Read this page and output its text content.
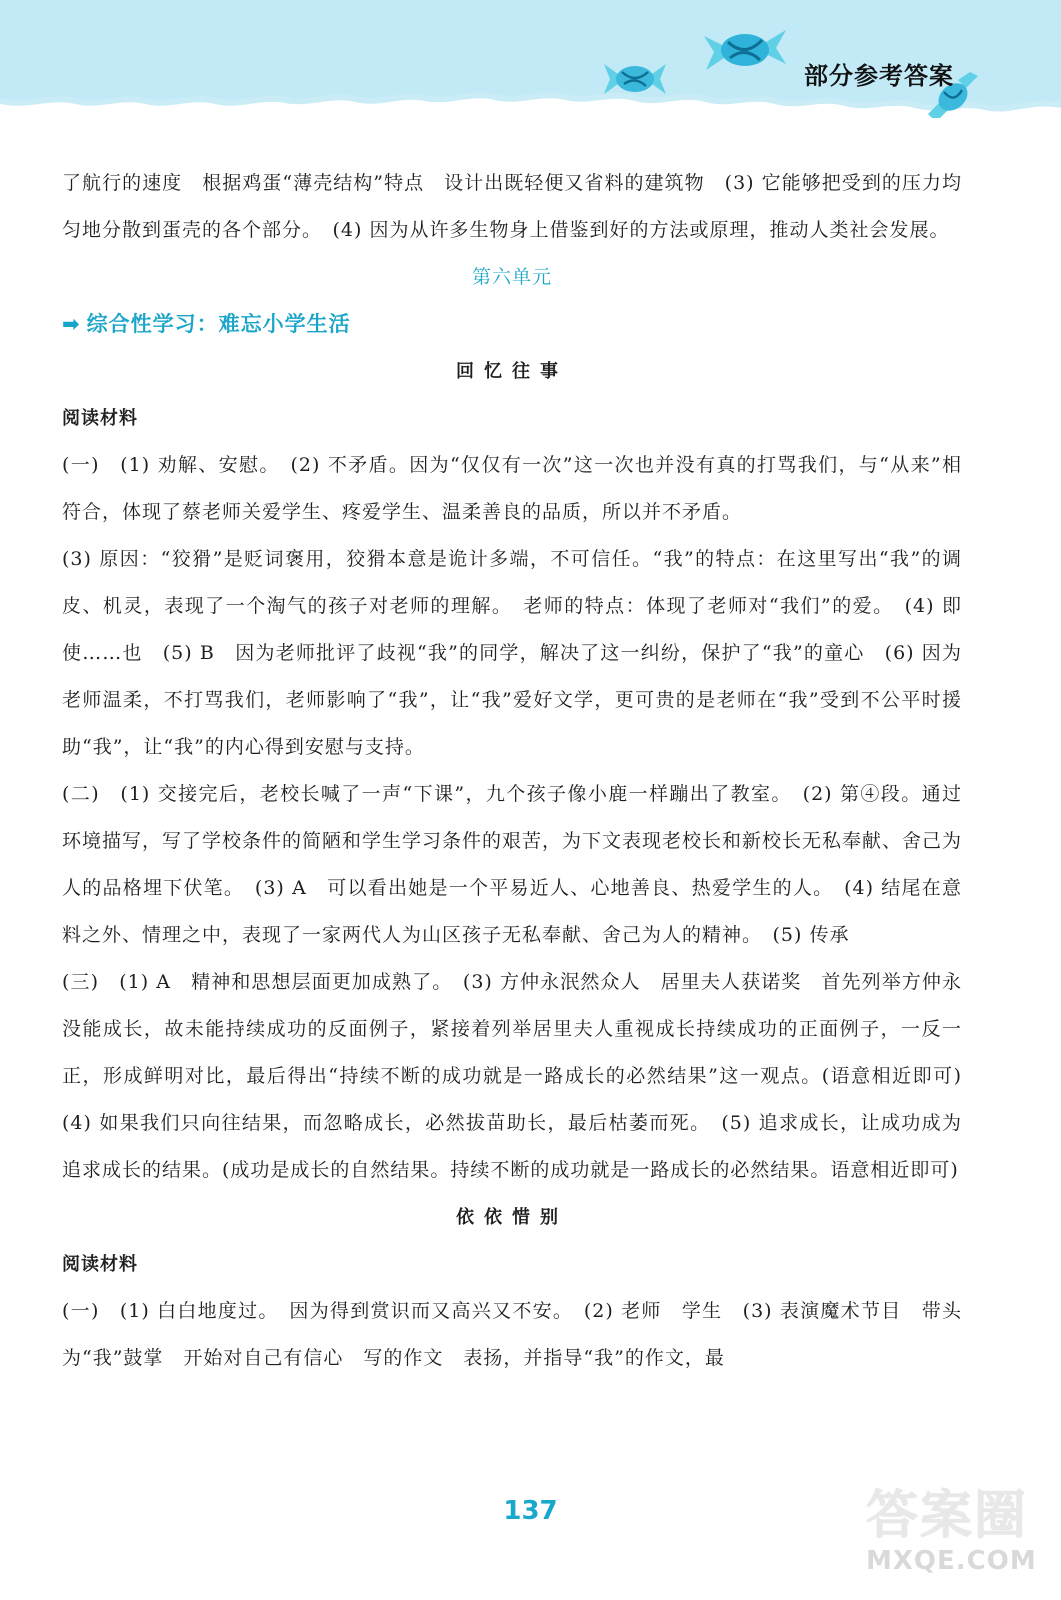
部分参考答案

了航行的速度　根据鸡蛋“薄壳结构”特点　设计出既轻便又省料的建筑物　(3) 它能够把受到的压力均匀地分散到蛋壳的各个部分。　(4) 因为从许多生物身上借鉴到好的方法或原理，推动人类社会发展。

第六单元

➡ 综合性学习：难忘小学生活

回忆往事

阅读材料

(一)　(1) 劝解、安慰。　(2) 不矛盾。因为“仅仅有一次”这一次也并没有真的打骂我们，与“从来”相符合，体现了蔡老师关爱学生、疼爱学生、温柔善良的品质，所以并不矛盾。

(3) 原因：“狡猾”是贬词褒用，狡猾本意是诡计多端，不可信任。“我”的特点：在这里写出“我”的调皮、机灵，表现了一个淘气的孩子对老师的理解。　老师的特点：体现了老师对“我们”的爱。　(4) 即使……也　(5) B　因为老师批评了歧视“我”的同学，解决了这一纠纷，保护了“我”的童心　(6) 因为老师温柔，不打骂我们，老师影响了“我”，让“我”爱好文学，更可贵的是老师在“我”受到不公平时援助“我”，让“我”的内心得到安慰与支持。

(二)　(1) 交接完后，老校长喊了一声“下课”，九个孩子像小鹿一样蹦出了教室。　(2) 第④段。通过环境描写，写了学校条件的简陋和学生学习条件的艰苦，为下文表现老校长和新校长无私奉献、舍己为人的品格埋下伏笔。　(3) A　可以看出她是一个平易近人、心地善良、热爱学生的人。　(4) 结尾在意料之外、情理之中，表现了一家两代人为山区孩子无私奉献、舍己为人的精神。　(5) 传承

(三)　(1) A　精神和思想层面更加成熟了。　(3) 方仲永泯然众人　居里夫人获诺奖　首先列举方仲永没能成长，故未能持续成功的反面例子，紧接着列举居里夫人重视成长持续成功的正面例子，一反一正，形成鲜明对比，最后得出“持续不断的成功就是一路成长的必然结果”这一观点。(语意相近即可)　(4) 如果我们只向往结果，而忽略成长，必然拔苗助长，最后枯萎而死。　(5) 追求成长，让成功成为追求成长的结果。(成功是成长的自然结果。持续不断的成功就是一路成长的必然结果。语意相近即可)

依依惜别

阅读材料

(一)　(1) 白白地度过。　因为得到赏识而又高兴又不安。　(2) 老师　学生　(3) 表演魔术节目　带头为“我”鼓掌　开始对自己有信心　写的作文　表扬，并指导“我”的作文，最

137	答案圈
MXQE.COM
